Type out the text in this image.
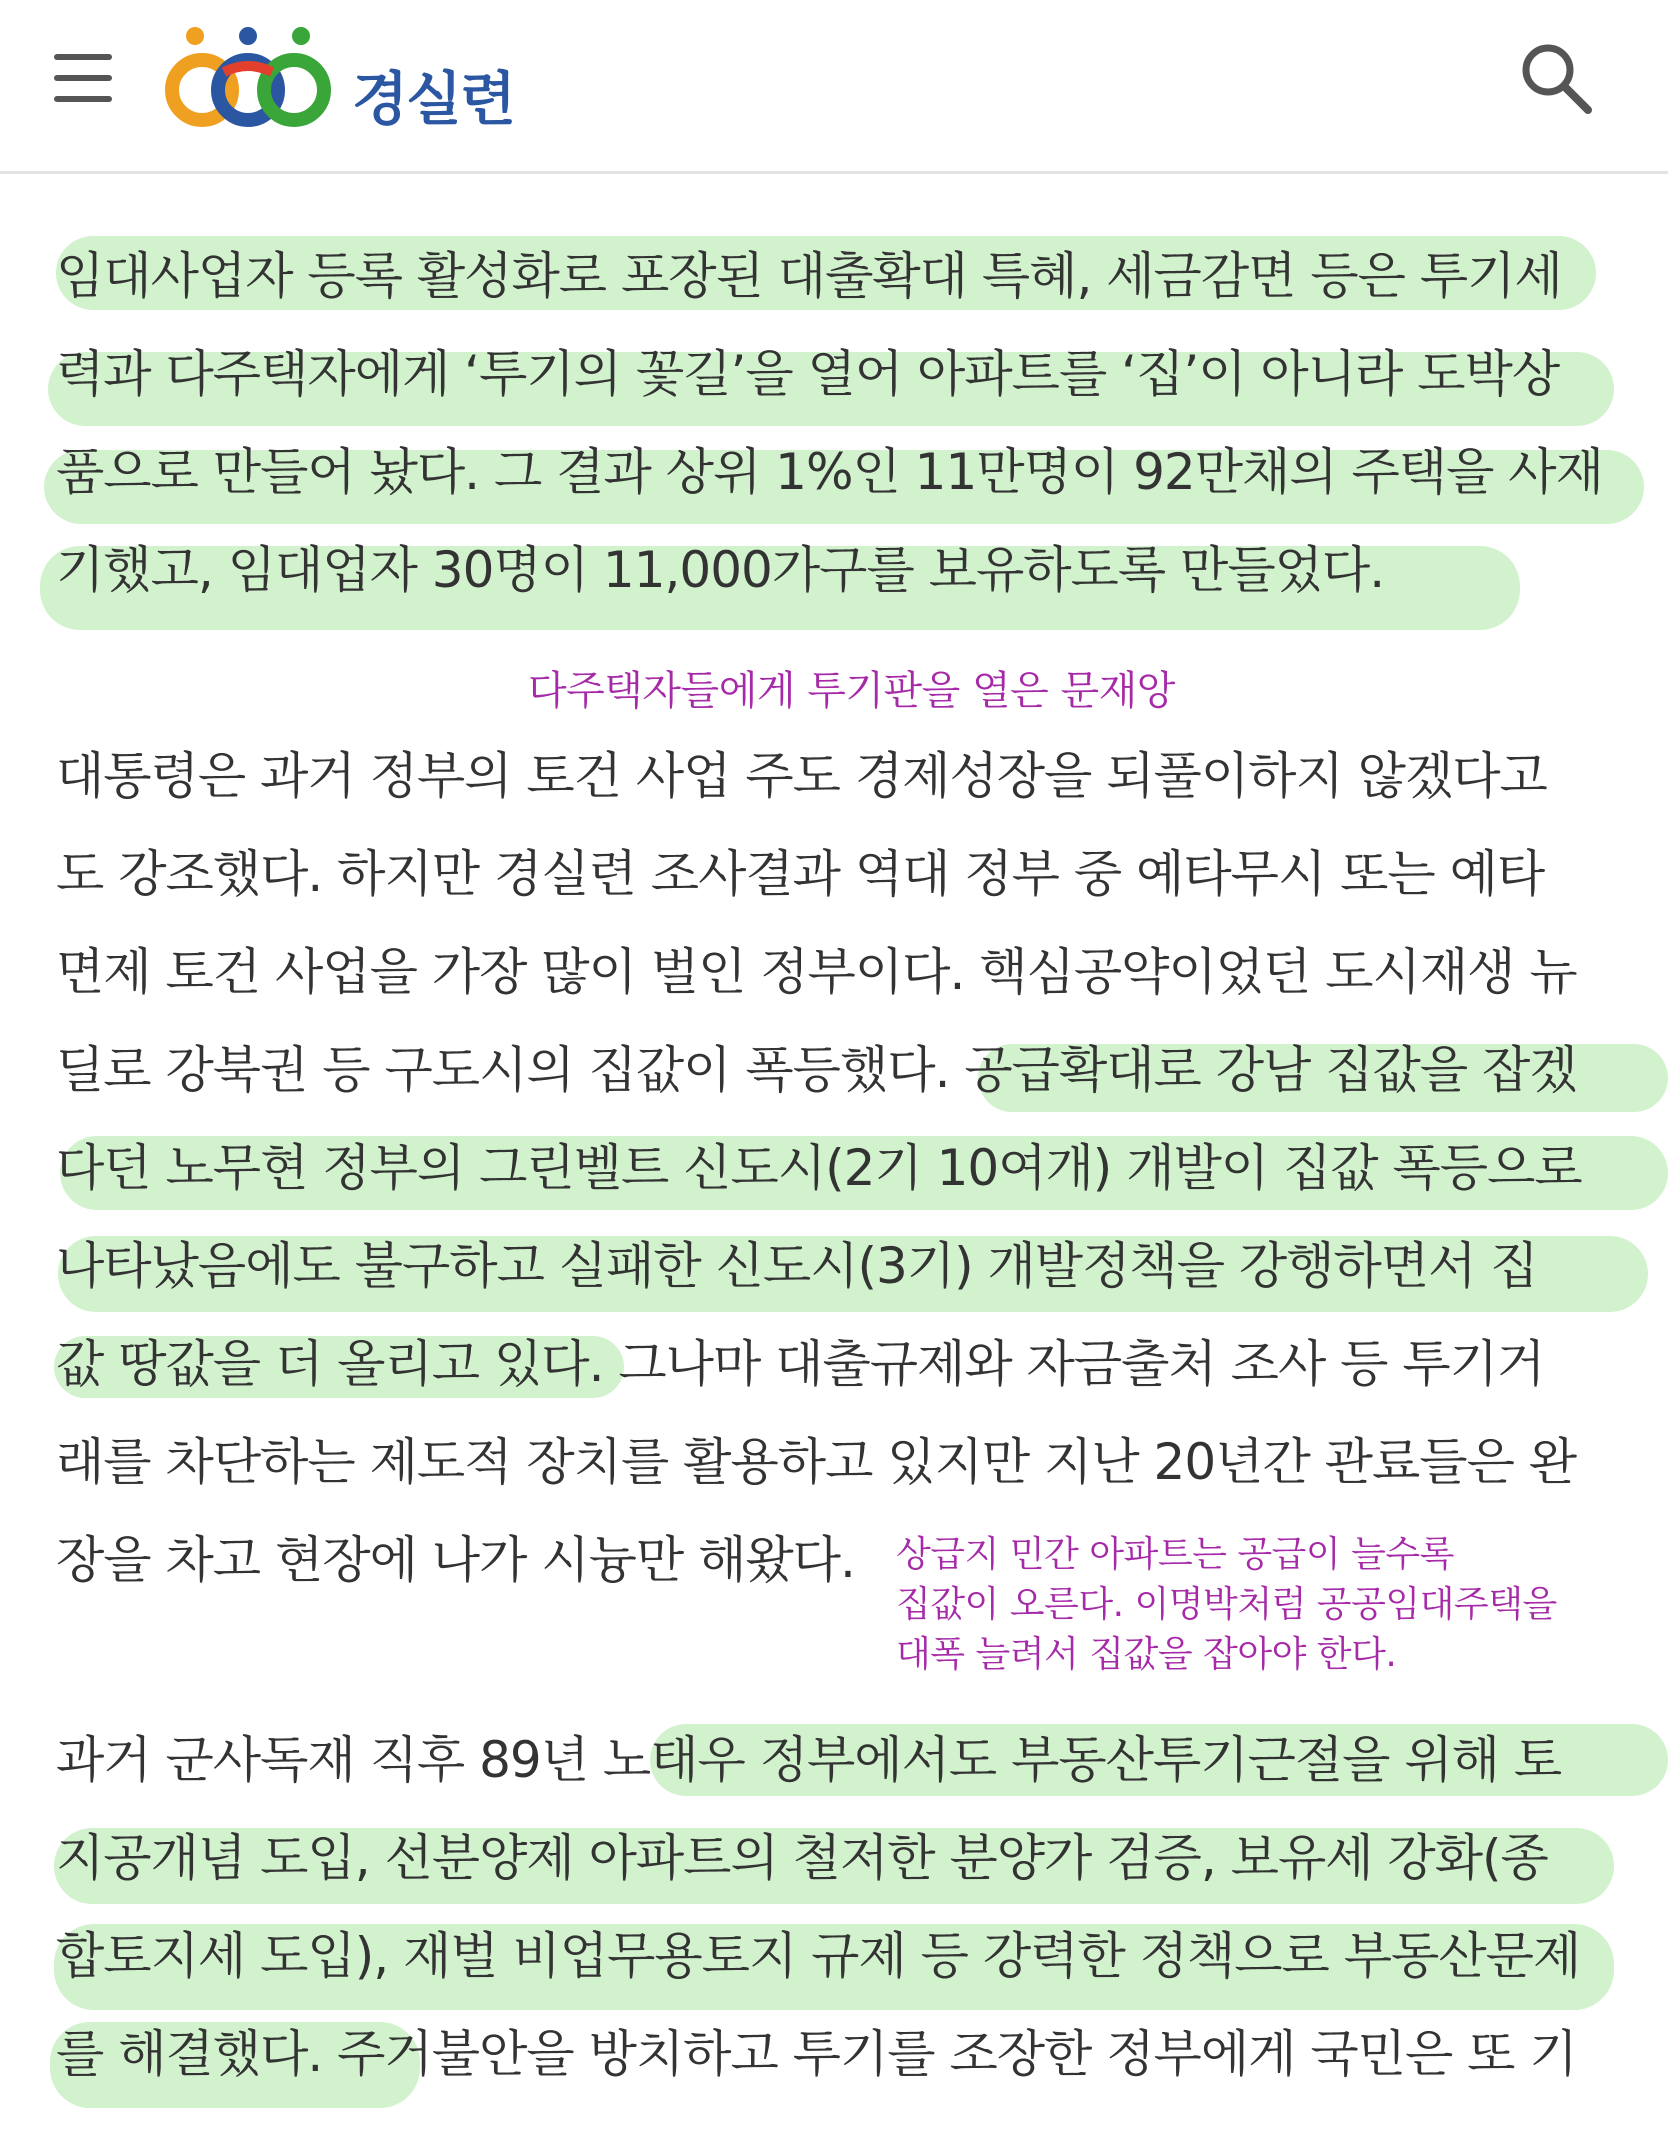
경실련
임대사업자 등록 활성화로 포장된 대출확대 특혜, 세금감면 등은 투기세
력과 다주택자에게 ‘투기의 꽃길’을 열어 아파트를 ‘집’이 아니라 도박상
품으로 만들어 놨다. 그 결과 상위 1%인 11만명이 92만채의 주택을 사재
기했고, 임대업자 30명이 11,000가구를 보유하도록 만들었다.
다주택자들에게 투기판을 열은 문재앙
대통령은 과거 정부의 토건 사업 주도 경제성장을 되풀이하지 않겠다고
도 강조했다. 하지만 경실련 조사결과 역대 정부 중 예타무시 또는 예타
면제 토건 사업을 가장 많이 벌인 정부이다. 핵심공약이었던 도시재생 뉴
딜로 강북권 등 구도시의 집값이 폭등했다. 공급확대로 강남 집값을 잡겠
다던 노무현 정부의 그린벨트 신도시(2기 10여개) 개발이 집값 폭등으로
나타났음에도 불구하고 실패한 신도시(3기) 개발정책을 강행하면서 집
값 땅값을 더 올리고 있다. 그나마 대출규제와 자금출처 조사 등 투기거
래를 차단하는 제도적 장치를 활용하고 있지만 지난 20년간 관료들은 완
장을 차고 현장에 나가 시늉만 해왔다. 상급지 민간 아파트는 공급이 늘수록
집값이 오른다. 이명박처럼 공공임대주택을
대폭 늘려서 집값을 잡아야 한다.
과거 군사독재 직후 89년 노태우 정부에서도 부동산투기근절을 위해 토
지공개념 도입, 선분양제 아파트의 철저한 분양가 검증, 보유세 강화(종
합토지세 도입), 재벌 비업무용토지 규제 등 강력한 정책으로 부동산문제
를 해결했다. 주거불안을 방치하고 투기를 조장한 정부에게 국민은 또 기
